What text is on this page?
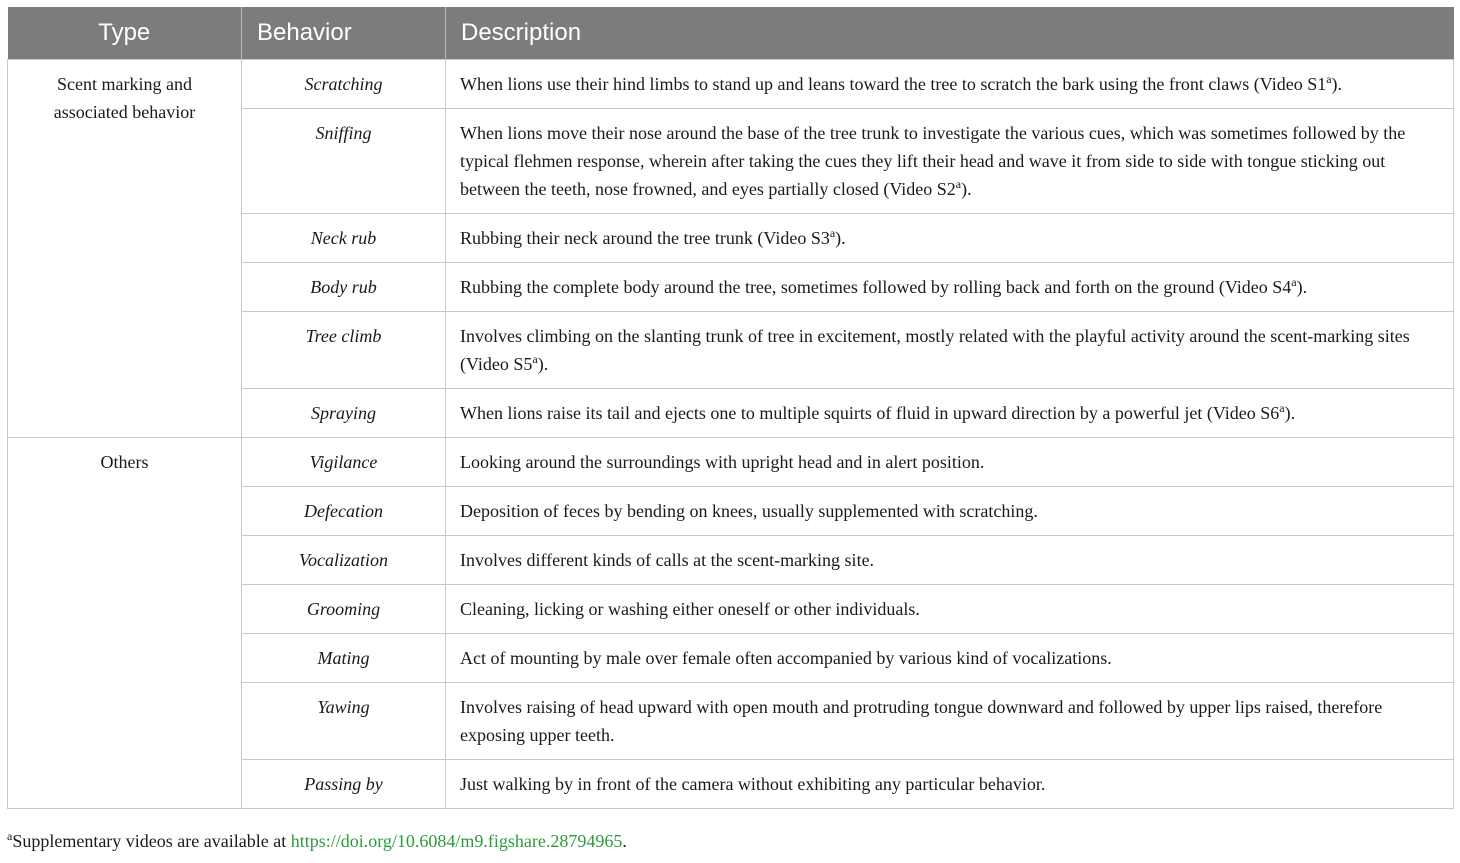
Type	Behavior	Description
Scent marking and associated behavior	Scratching	When lions use their hind limbs to stand up and leans toward the tree to scratch the bark using the front claws (Video S1$^a$).
	Sniffing	When lions move their nose around the base of the tree trunk to investigate the various cues, which was sometimes followed by the typical flehmen response, wherein after taking the cues they lift their head and wave it from side to side with tongue sticking out between the teeth, nose frowned, and eyes partially closed (Video S2$^a$).
	Neck rub	Rubbing their neck around the tree trunk (Video S3$^a$).
	Body rub	Rubbing the complete body around the tree, sometimes followed by rolling back and forth on the ground (Video S4$^a$).
	Tree climb	Involves climbing on the slanting trunk of tree in excitement, mostly related with the playful activity around the scent-marking sites (Video S5$^a$).
	Spraying	When lions raise its tail and ejects one to multiple squirts of fluid in upward direction by a powerful jet (Video S6$^a$).
Others	Vigilance	Looking around the surroundings with upright head and in alert position.
	Defecation	Deposition of feces by bending on knees, usually supplemented with scratching.
	Vocalization	Involves different kinds of calls at the scent-marking site.
	Grooming	Cleaning, licking or washing either oneself or other individuals.
	Mating	Act of mounting by male over female often accompanied by various kind of vocalizations.
	Yawing	Involves raising of head upward with open mouth and protruding tongue downward and followed by upper lips raised, therefore exposing upper teeth.
	Passing by	Just walking by in front of the camera without exhibiting any particular behavior.
$^a$Supplementary videos are available at https://doi.org/10.6084/m9.figshare.28794965.
